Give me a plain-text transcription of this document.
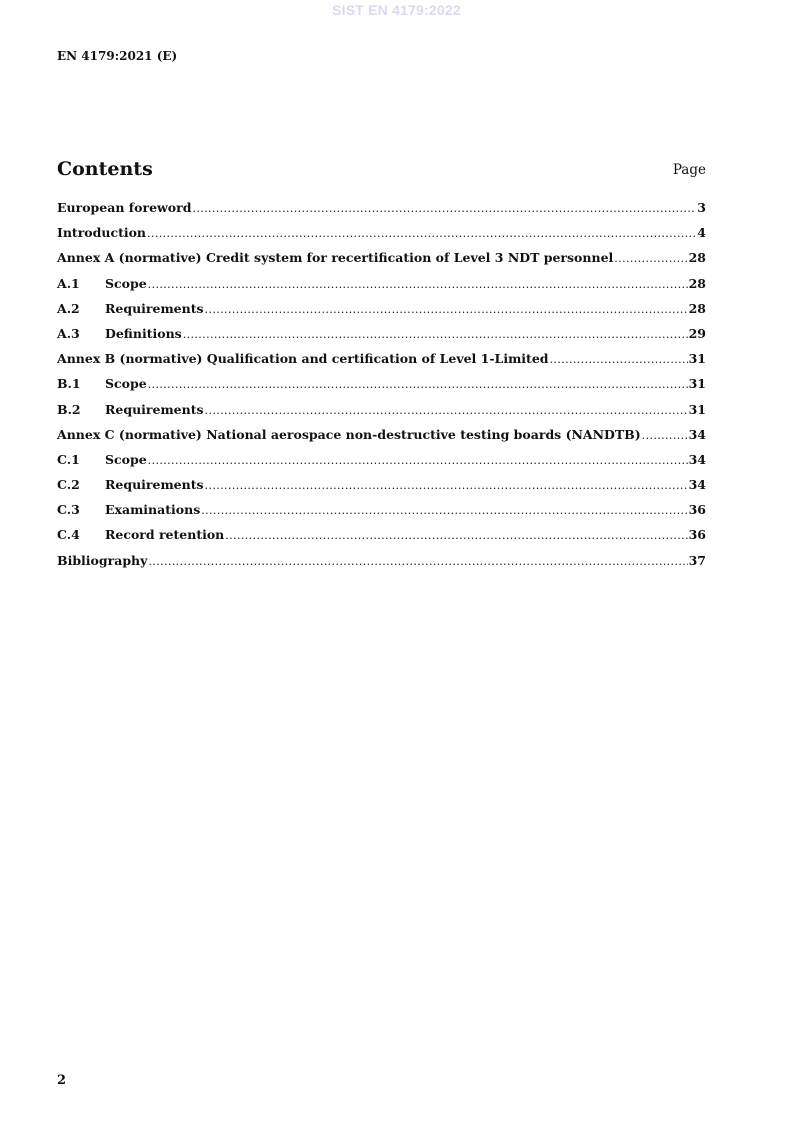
SIST EN 4179:2022
EN 4179:2021 (E)
Contents	Page
European foreword .....	3
Introduction .....	4
Annex A (normative) Credit system for recertification of Level 3 NDT personnel .....	28
A.1	Scope .....	28
A.2	Requirements .....	28
A.3	Definitions .....	29
Annex B (normative) Qualification and certification of Level 1-Limited .....	31
B.1	Scope .....	31
B.2	Requirements .....	31
Annex C (normative) National aerospace non-destructive testing boards (NANDTB) .....	34
C.1	Scope .....	34
C.2	Requirements .....	34
C.3	Examinations .....	36
C.4	Record retention .....	36
Bibliography .....	37
2
